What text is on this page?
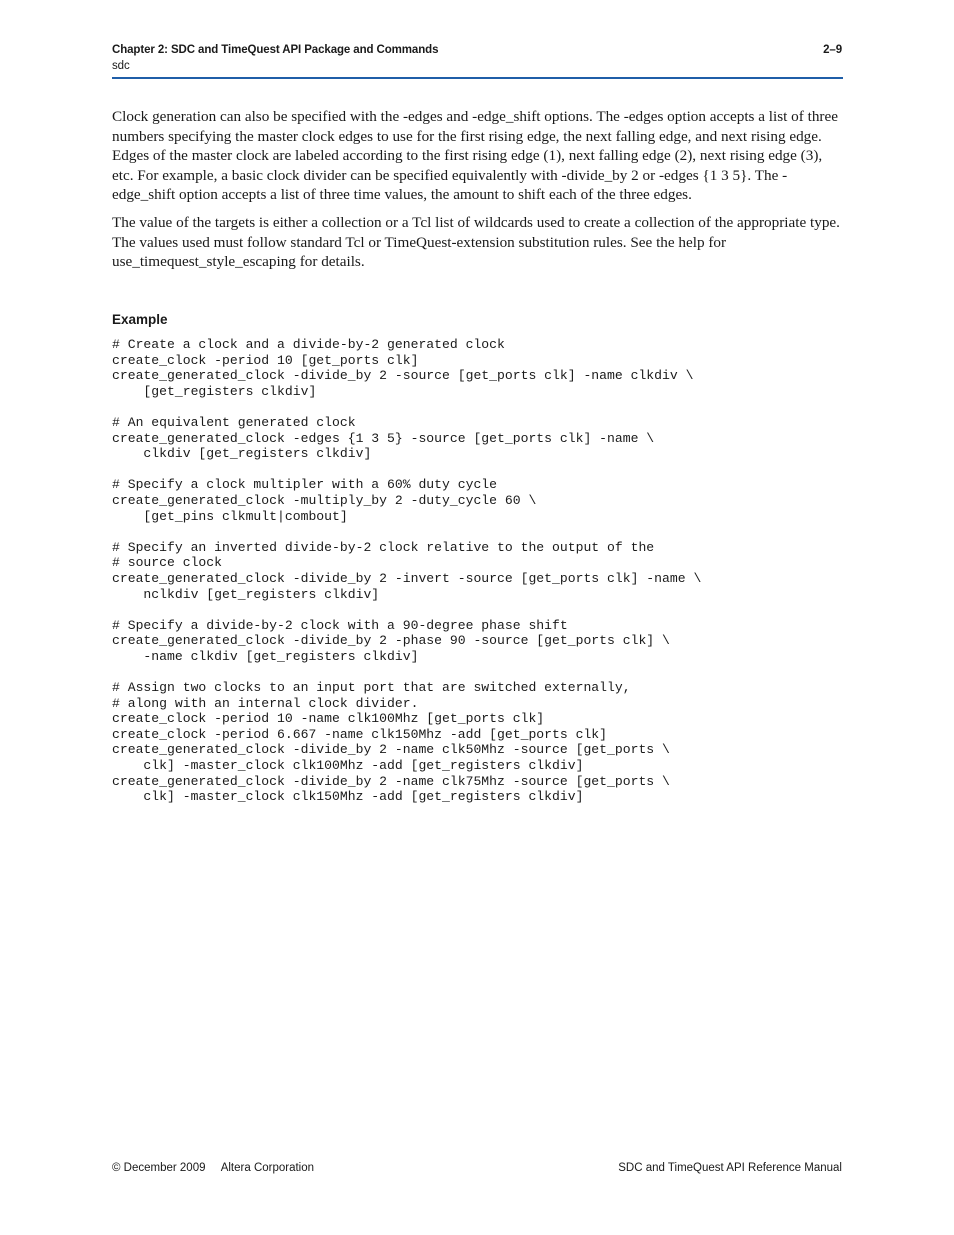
Chapter 2: SDC and TimeQuest API Package and Commands	2–9
sdc

Clock generation can also be specified with the -edges and -edge_shift options. The -edges option accepts a list of three numbers specifying the master clock edges to use for the first rising edge, the next falling edge, and next rising edge. Edges of the master clock are labeled according to the first rising edge (1), next falling edge (2), next rising edge (3), etc. For example, a basic clock divider can be specified equivalently with -divide_by 2 or -edges {1 3 5}. The -edge_shift option accepts a list of three time values, the amount to shift each of the three edges.

The value of the targets is either a collection or a Tcl list of wildcards used to create a collection of the appropriate type. The values used must follow standard Tcl or TimeQuest-extension substitution rules. See the help for use_timequest_style_escaping for details.

Example
# Create a clock and a divide-by-2 generated clock
create_clock -period 10 [get_ports clk]
create_generated_clock -divide_by 2 -source [get_ports clk] -name clkdiv \
[get_registers clkdiv]

# An equivalent generated clock
create_generated_clock -edges {1 3 5} -source [get_ports clk] -name \
clkdiv [get_registers clkdiv]

# Specify a clock multipler with a 60% duty cycle
create_generated_clock -multiply_by 2 -duty_cycle 60 \
[get_pins clkmult|combout]

# Specify an inverted divide-by-2 clock relative to the output of the
# source clock
create_generated_clock -divide_by 2 -invert -source [get_ports clk] -name \
nclkdiv [get_registers clkdiv]

# Specify a divide-by-2 clock with a 90-degree phase shift
create_generated_clock -divide_by 2 -phase 90 -source [get_ports clk] \
-name clkdiv [get_registers clkdiv]

# Assign two clocks to an input port that are switched externally,
# along with an internal clock divider.
create_clock -period 10 -name clk100Mhz [get_ports clk]
create_clock -period 6.667 -name clk150Mhz -add [get_ports clk]
create_generated_clock -divide_by 2 -name clk50Mhz -source [get_ports \
clk] -master_clock clk100Mhz -add [get_registers clkdiv]
create_generated_clock -divide_by 2 -name clk75Mhz -source [get_ports \
clk] -master_clock clk150Mhz -add [get_registers clkdiv]
© December 2009 Altera Corporation	SDC and TimeQuest API Reference Manual
